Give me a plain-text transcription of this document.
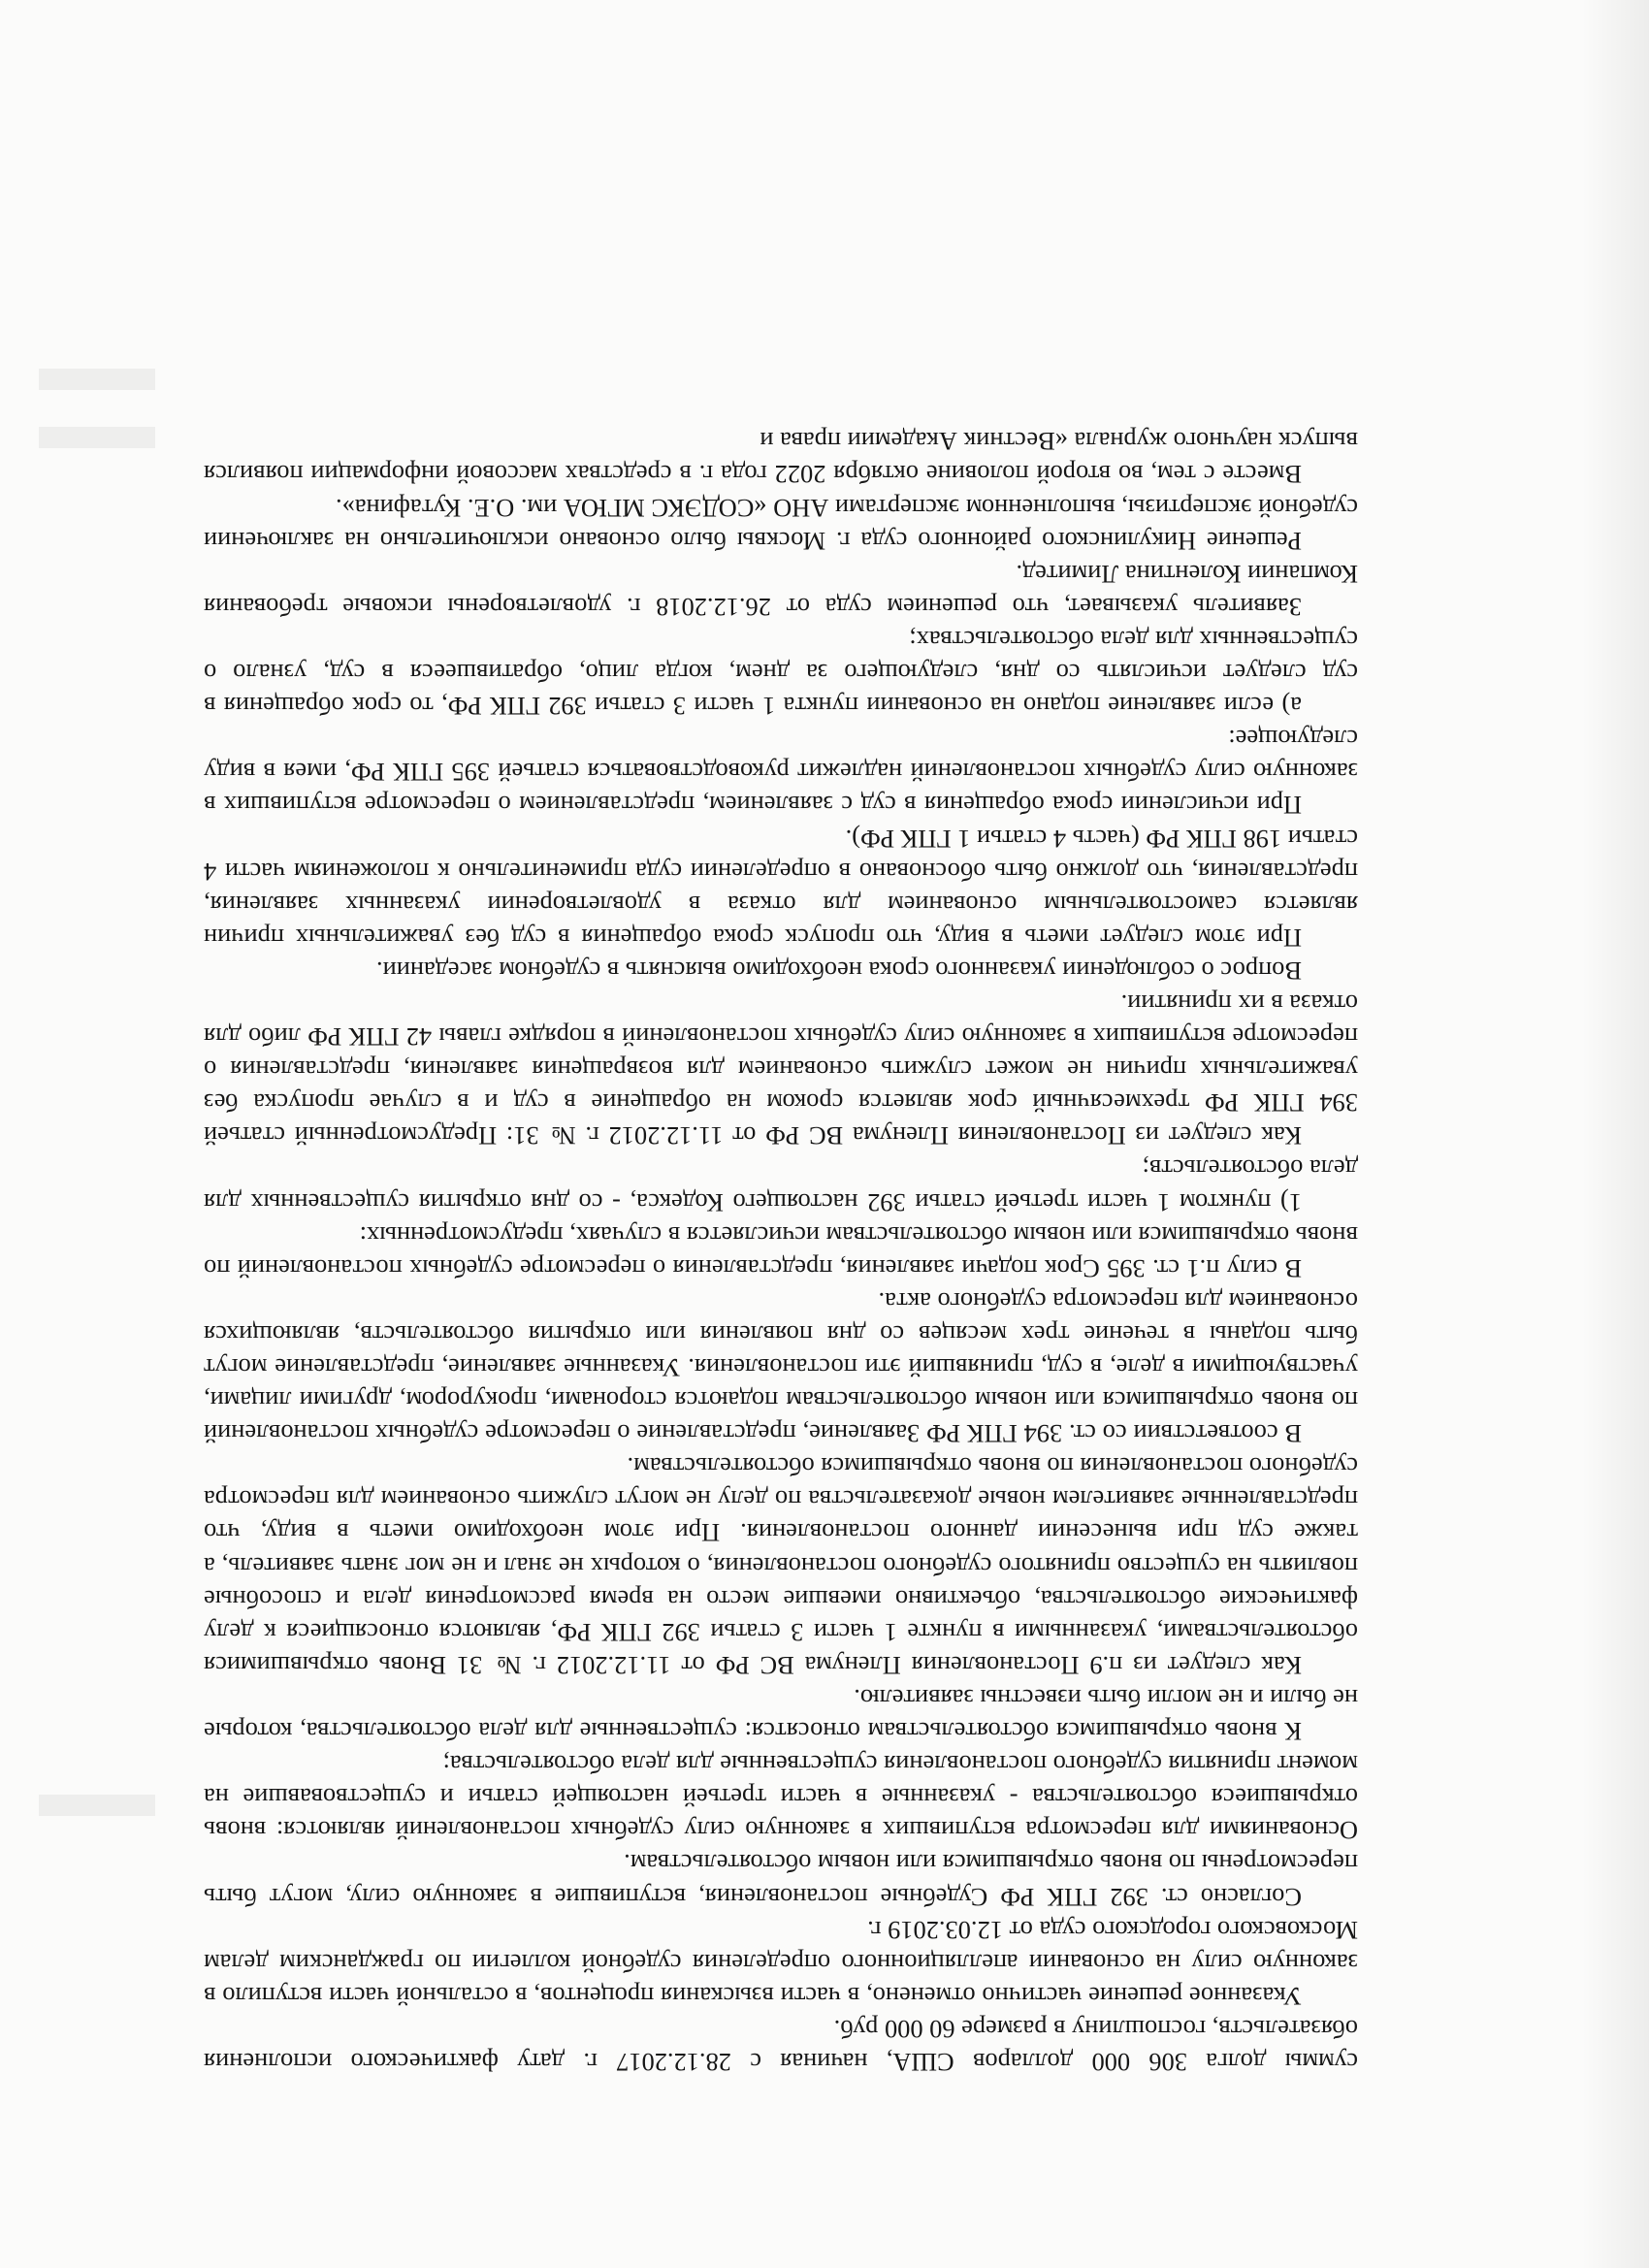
суммы долга 306 000 долларов США, начиная с 28.12.2017 г. дату фактического исполнения обязательств, госпошлину в размере 60 000 руб.

Указанное решение частично отменено, в части взыскания процентов, в остальной части вступило в законную силу на основании апелляционного определения судебной коллегии по гражданским делам Московского городского суда от 12.03.2019 г.

Согласно ст. 392 ГПК РФ Судебные постановления, вступившие в законную силу, могут быть пересмотрены по вновь открывшимся или новым обстоятельствам.

Основаниями для пересмотра вступивших в законную силу судебных постановлений являются: вновь открывшиеся обстоятельства - указанные в части третьей настоящей статьи и существовавшие на момент принятия судебного постановления существенные для дела обстоятельства;

К вновь открывшимся обстоятельствам относятся: существенные для дела обстоятельства, которые не были и не могли быть известны заявителю.

Как следует из п.9 Постановления Пленума ВС РФ от 11.12.2012 г. № 31 Вновь открывшимися обстоятельствами, указанными в пункте 1 части 3 статьи 392 ГПК РФ, являются относящиеся к делу фактические обстоятельства, объективно имевшие место на время рассмотрения дела и способные повлиять на существо принятого судебного постановления, о которых не знал и не мог знать заявитель, а также суд при вынесении данного постановления. При этом необходимо иметь в виду, что представленные заявителем новые доказательства по делу не могут служить основанием для пересмотра судебного постановления по вновь открывшимся обстоятельствам.

В соответствии со ст. 394 ГПК РФ Заявление, представление о пересмотре судебных постановлений по вновь открывшимся или новым обстоятельствам подаются сторонами, прокурором, другими лицами, участвующими в деле, в суд, принявший эти постановления. Указанные заявление, представление могут быть поданы в течение трех месяцев со дня появления или открытия обстоятельств, являющихся основанием для пересмотра судебного акта.

В силу п.1 ст. 395 Срок подачи заявления, представления о пересмотре судебных постановлений по вновь открывшимся или новым обстоятельствам исчисляется в случаях, предусмотренных:

1) пунктом 1 части третьей статьи 392 настоящего Кодекса, - со дня открытия существенных для дела обстоятельств;

Как следует из Постановления Пленума ВС РФ от 11.12.2012 г. № 31: Предусмотренный статьей 394 ГПК РФ трехмесячный срок является сроком на обращение в суд и в случае пропуска без уважительных причин не может служить основанием для возвращения заявления, представления о пересмотре вступивших в законную силу судебных постановлений в порядке главы 42 ГПК РФ либо для отказа в их принятии.

Вопрос о соблюдении указанного срока необходимо выяснять в судебном заседании.

При этом следует иметь в виду, что пропуск срока обращения в суд без уважительных причин является самостоятельным основанием для отказа в удовлетворении указанных заявления, представления, что должно быть обосновано в определении суда применительно к положениям части 4 статьи 198 ГПК РФ (часть 4 статьи 1 ГПК РФ).

При исчислении срока обращения в суд с заявлением, представлением о пересмотре вступивших в законную силу судебных постановлений надлежит руководствоваться статьей 395 ГПК РФ, имея в виду следующее:

а) если заявление подано на основании пункта 1 части 3 статьи 392 ГПК РФ, то срок обращения в суд следует исчислять со дня, следующего за днем, когда лицо, обратившееся в суд, узнало о существенных для дела обстоятельствах;

Заявитель указывает, что решением суда от 26.12.2018 г. удовлетворены исковые требования Компании Колентина Лимитед.

Решение Никулинского районного суда г. Москвы было основано исключительно на заключении судебной экспертизы, выполненном экспертами АНО «СОДЭКС МГЮА им. О.Е. Кутафина».

Вместе с тем, во второй половине октября 2022 года г. в средствах массовой информации появился выпуск научного журнала «Вестник Академии права и
